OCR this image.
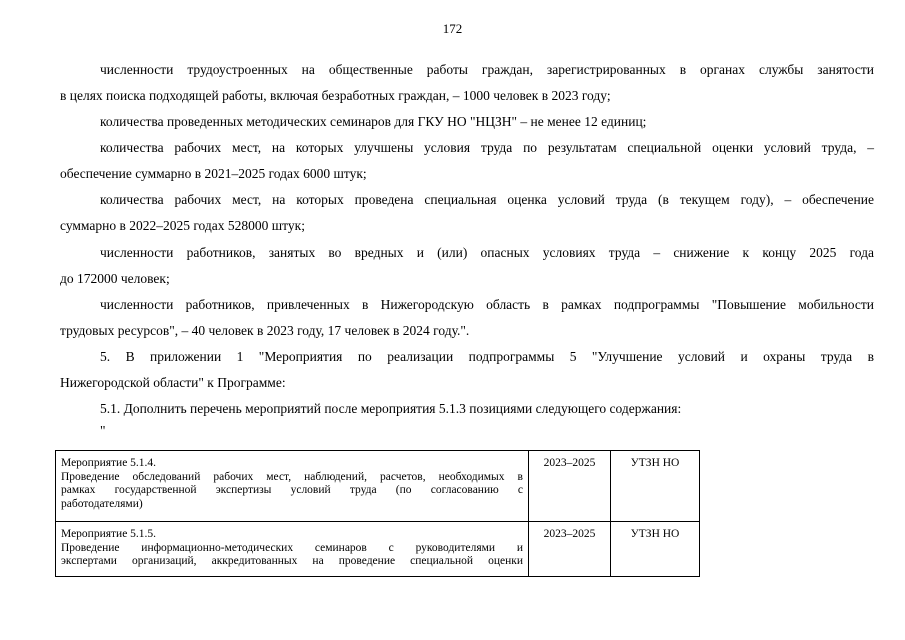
172
численности трудоустроенных на общественные работы граждан, зарегистрированных в органах службы занятости
в целях поиска подходящей работы, включая безработных граждан, – 1000 человек в 2023 году;
количества проведенных методических семинаров для ГКУ НО "НЦЗН" – не менее 12 единиц;
количества рабочих мест, на которых улучшены условия труда по результатам специальной оценки условий труда, –
обеспечение суммарно в 2021–2025 годах 6000 штук;
количества рабочих мест, на которых проведена специальная оценка условий труда (в текущем году), – обеспечение
суммарно в 2022–2025 годах 528000 штук;
численности работников, занятых во вредных и (или) опасных условиях труда – снижение к концу 2025 года
до 172000 человек;
численности работников, привлеченных в Нижегородскую область в рамках подпрограммы "Повышение мобильности
трудовых ресурсов", – 40 человек в 2023 году, 17 человек в 2024 году.".
5. В приложении 1 "Мероприятия по реализации подпрограммы 5 "Улучшение условий и охраны труда в
Нижегородской области" к Программе:
5.1. Дополнить перечень мероприятий после мероприятия 5.1.3 позициями следующего содержания:
"
Мероприятие 5.1.4.
Проведение обследований рабочих мест, наблюдений, расчетов, необходимых в
рамках государственной экспертизы условий труда (по согласованию с
работодателями)
2023–2025	УТЗН НО
Мероприятие 5.1.5.
Проведение информационно-методических семинаров с руководителями и
экспертами организаций, аккредитованных на проведение специальной оценки
2023–2025	УТЗН НО
